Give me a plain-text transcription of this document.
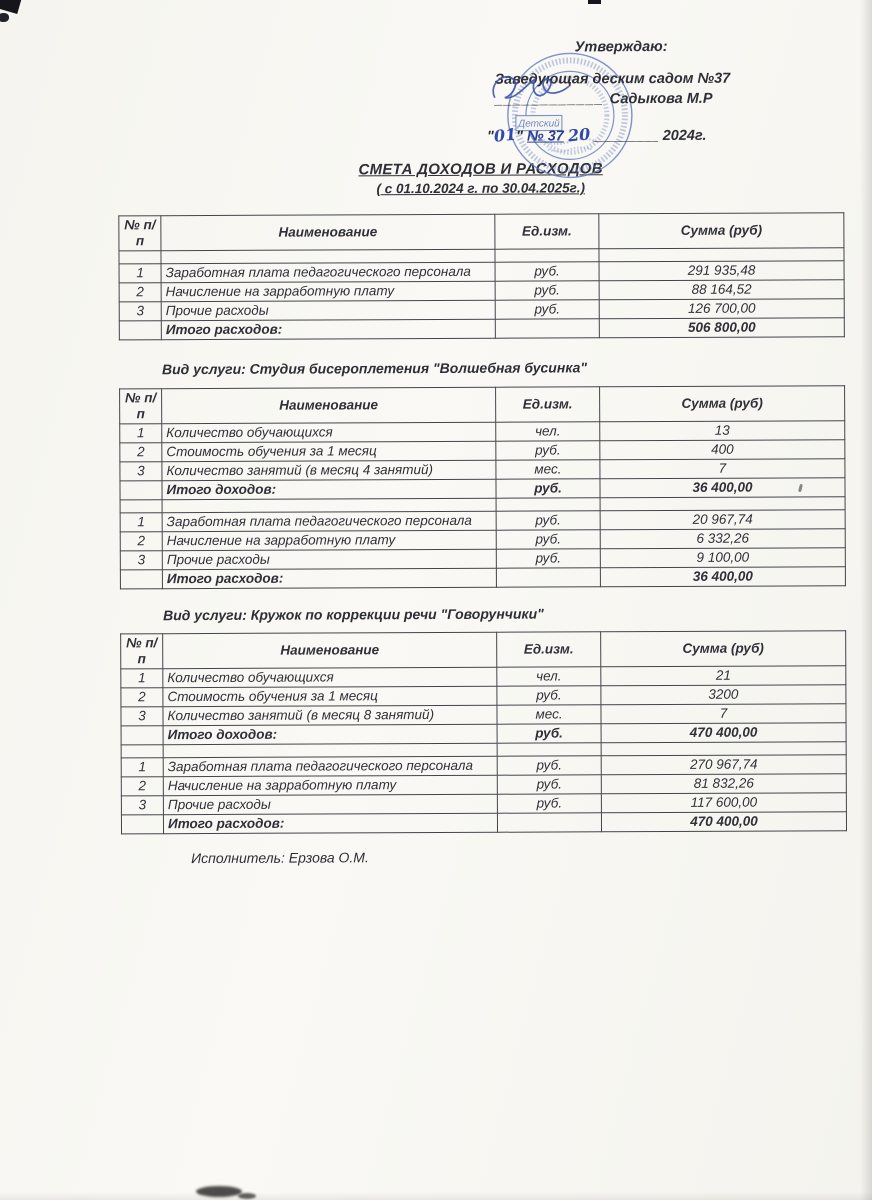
Детский
Утверждаю:
Заведующая деским садом №37
____________ Садыкова М.Р
"01" № 37 20 ________ 2024г.
СМЕТА ДОХОДОВ И РАСХОДОВ
( с 01.10.2024 г. по 30.04.2025г.)
№ п/п	Наименование	Ед.изм.	Сумма (руб)

1	Заработная плата педагогического персонала	руб.	291 935,48
2	Начисление на зарработную плату	руб.	88 164,52
3	Прочие расходы	руб.	126 700,00
	Итого расходов:		506 800,00
Вид услуги: Студия бисероплетения "Волшебная бусинка"
№ п/п	Наименование	Ед.изм.	Сумма (руб)
1	Количество обучающихся	чел.	13
2	Стоимость обучения за 1 месяц	руб.	400
3	Количество занятий (в месяц 4 занятий)	мес.	7
	Итого доходов:	руб.	36 400,00

1	Заработная плата педагогического персонала	руб.	20 967,74
2	Начисление на зарработную плату	руб.	6 332,26
3	Прочие расходы	руб.	9 100,00
	Итого расходов:		36 400,00
Вид услуги: Кружок по коррекции речи "Говорунчики"
№ п/п	Наименование	Ед.изм.	Сумма (руб)
1	Количество обучающихся	чел.	21
2	Стоимость обучения за 1 месяц	руб.	3200
3	Количество занятий (в месяц 8 занятий)	мес.	7
	Итого доходов:	руб.	470 400,00

1	Заработная плата педагогического персонала	руб.	270 967,74
2	Начисление на зарработную плату	руб.	81 832,26
3	Прочие расходы	руб.	117 600,00
	Итого расходов:		470 400,00
Исполнитель: Ерзова О.М.
